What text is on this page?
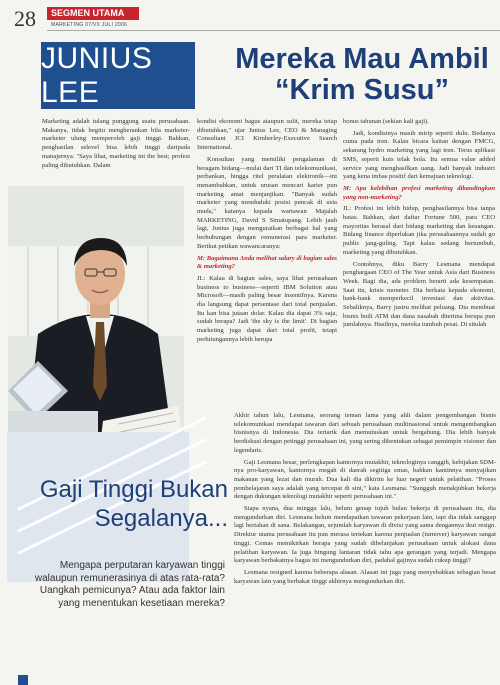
28	SEGMEN UTAMA
MARKETING 07/VII JULI 2006
JUNIUS LEE
Mereka Mau Ambil “Krim Susu”

Marketing adalah tulang punggung suatu perusahaan. Makanya, tidak begitu mengherankan bila marketer-marketer ulung memperoleh gaji tinggi. Bahkan, penghasilan selevel bisa lebih tinggi daripada manajernya. "Saya lihat, marketing ini the best; profesi paling dibutuhkan. Dalam

kondisi ekonomi bagus ataupun sulit, mereka tetap dibutuhkan," ujar Junius Lee, CEO & Managing Consultant JCI Kimberley-Executive Search International.

Konsultan yang memiliki pengalaman di beragam bidang—mulai dari TI dan telekomunikasi, perbankan, hingga ritel peralatan elektronik—ini menambahkan, untuk urusan mencari karier pun marketing amat menjanjikan. "Banyak sudah marketer yang menduduki posisi puncak di usia muda," katanya kepada wartawan Majalah MARKETING, David S Simatupang. Lebih jauh lagi, Junius juga menguraikan berbagai hal yang berhubungan dengan remunerasi para marketer. Berikut petikan wawancaranya:

M: Bagaimana Anda melihat salary di bagian sales & marketing?

JL: Kalau di bagian sales, saya lihat perusahaan business to business—seperti IBM Solution atau Microsoft—masih paling besar insentifnya. Karena dia langsung dapat persentase dari total penjualan. Itu kan bisa jutaan dolar. Kalau dia dapat 3% saja, sudah berapa? Jadi 'the sky is the limit'. Di bagian marketing juga dapat dari total profit, tetapi perhitungannya lebih berupa

bonus tahunan (sekian kali gaji).

Jadi, kondisinya masih mirip seperti dulu. Bedanya cuma pada tren. Kalau bicara kaitan dengan FMCG, sekarang hydro marketing yang lagi tren. Terus aplikasi SMS, seperti kuis telak bola. Itu semua value added service yang menghasilkan uang. Jadi banyak industri yang kena imbas positif dari kemajuan teknologi.

M: Apa kelebihan profesi marketing dibandingkan yang non-marketing?

JL: Profesi ini lebih hidup, penghasilannya bisa tanpa batas. Bahkan, dari daftar Fortune 500, para CEO mayoritas berasal dari bidang marketing dan keuangan. Bidang finance diperlukan jika perusahaannya sudah go public jang-guling. Tapi kalau sedang bertumbuh, marketing yang dibutuhkan.

Contohnya, diku Barry Lesmana mendapat penghargaan CEO of The Year untuk Asia dari Business Week. Bagi dia, ada problem berarti ada kesempatan. Saat itu, krisis moneter. Dia berkata kepada ekonomi, bank-bank memperkecil investasi dan aktivitas. Sebaliknya, Barry justru melihat peluang. Dia membuat bisnis built ATM dan dana nasabah diterima berupa pun jumlahnya. Hasilnya, mereka tumbuh pesat. Di situlah

Gaji Tinggi Bukan Segalanya...
Mengapa perputaran karyawan tinggi walaupun remunerasinya di atas rata-rata? Uangkah pemicunya? Atau ada faktor lain yang menentukan kesetiaan mereka?

Akhir tahun lalu, Lesmana, seorang teman lama yang ahli dalam pengembangan bisnis telekomunikasi mendapat tawaran dari sebuah perusahaan multinasional untuk mengembangkan bisnisnya di Indonesia. Dia tertarik dan memutuskan untuk bergabung. Dia lebih banyak berdiskusi dengan petinggi perusahaan ini, yang sering dibentukan sebagai pemimpin visioner dan legendaris.

Gaji Lesmana besar, perlengkapan kantornya mutakhir, teknologinya canggih, kebijakan SDM-nya pro-karyawan, kantornya megah di daerah segitiga emas, bahkan kantinnya menyajikan makanan yang lezat dan murah. Dua kali dia dikirim ke luar negeri untuk pelatihan. "Proses pembelajaran saya adalah yang tercepat di sini," kata Lesmana. "Sungguh menakjubkan bekerja dengan dukungan teknologi mutakhir seperti perusahaan ini."

Siapa nyana, dua minggu lalu, belum genap tujuh bulan bekerja di perusahaan itu, dia mengundurkan diri. Lesmana belum mendapatkan tawaran pekerjaan lain, tapi dia tidak sanggup lagi bertahan di sana. Belakangan, sejumlah karyawan di divisi yang sama dengannya ikut resign. Direktur utama perusahaan itu pun merasa tertekan karena penjualan (turnover) karyawan sangat tinggi. Cemas memikirkan berapa yang sudah dibelanjakan perusahaan untuk alokasi dana pelatihan karyawan. Ia juga bingung lantaran tidak tahu apa gerangan yang terjadi. Mengapa karyawan berbakatnya bagus ini mengundurkan diri, padahal gajinya sudah cukup tinggi?

Lesmana resigned karena beberapa alasan. Alasan ini juga yang menyebabkan sebagian besar karyawan lain yang berbakat tinggi akhirnya mengundurkan diri.
